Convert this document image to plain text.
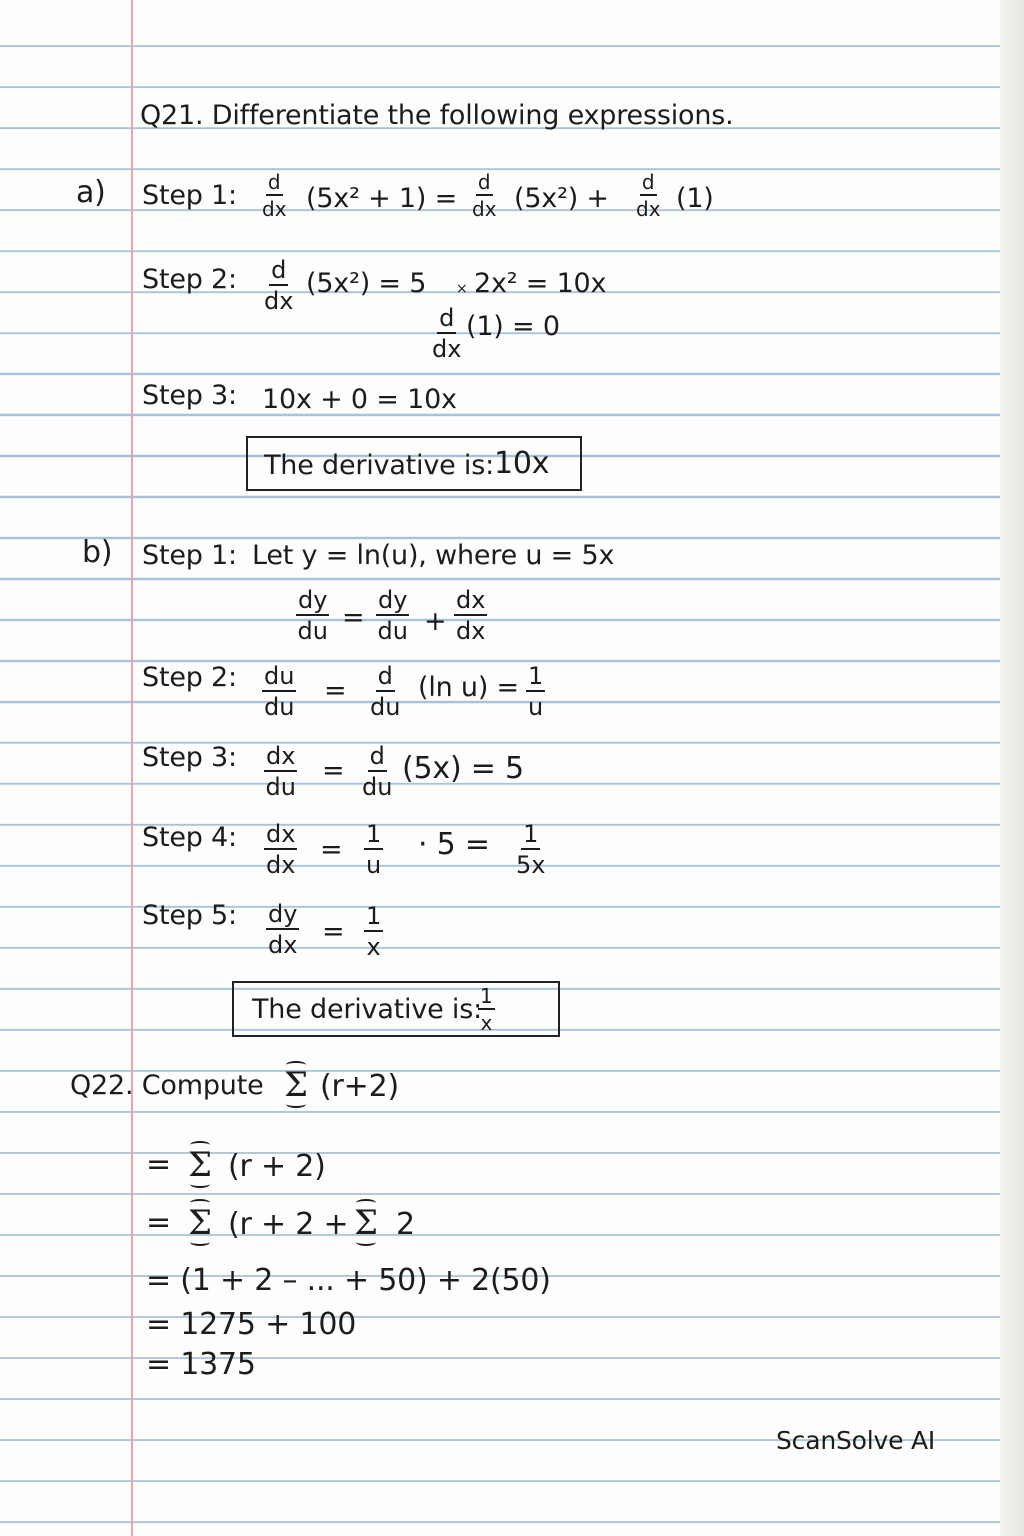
Q21. Differentiate the following expressions.
a) Step 1: $\frac{d}{dx} (5x^2 + 1) = \frac{d}{dx} (5x^2) + \frac{d}{dx} (1)$
Step 2: $\frac{d}{dx} (5x^2) = 5 \times 2x^2 = 10x$
$\frac{d}{dx} (1) = 0$
Step 3: 10x + 0 = 10x
The derivative is: 10x
b) Step 1: Let y = ln(u), where u = 5x
$\frac{dy}{du} = \frac{dy}{du} + \frac{dx}{dx}$
Step 2: $\frac{du}{du} = \frac{d}{du} (\ln$ $u) = \frac{1}{u}$
Step 3: $\frac{dx}{du} = \frac{d}{du} (5x) = 5$
Step 4: $\frac{dx}{dx} = \frac{1}{u} \cdot 5 = \frac{1}{5x}$
Step 5: $\frac{dy}{dx} = \frac{1}{x}$
The derivative is:
$\frac{1}{x}$
Q22. Compute Σ (r+2)
= Σ (r + 2)
= Σ (r + 2 + Σ 2
= (1 + 2 – ... + 50) + 2(50)
= 1275 + 100
= 1375
ScanSolve AI
